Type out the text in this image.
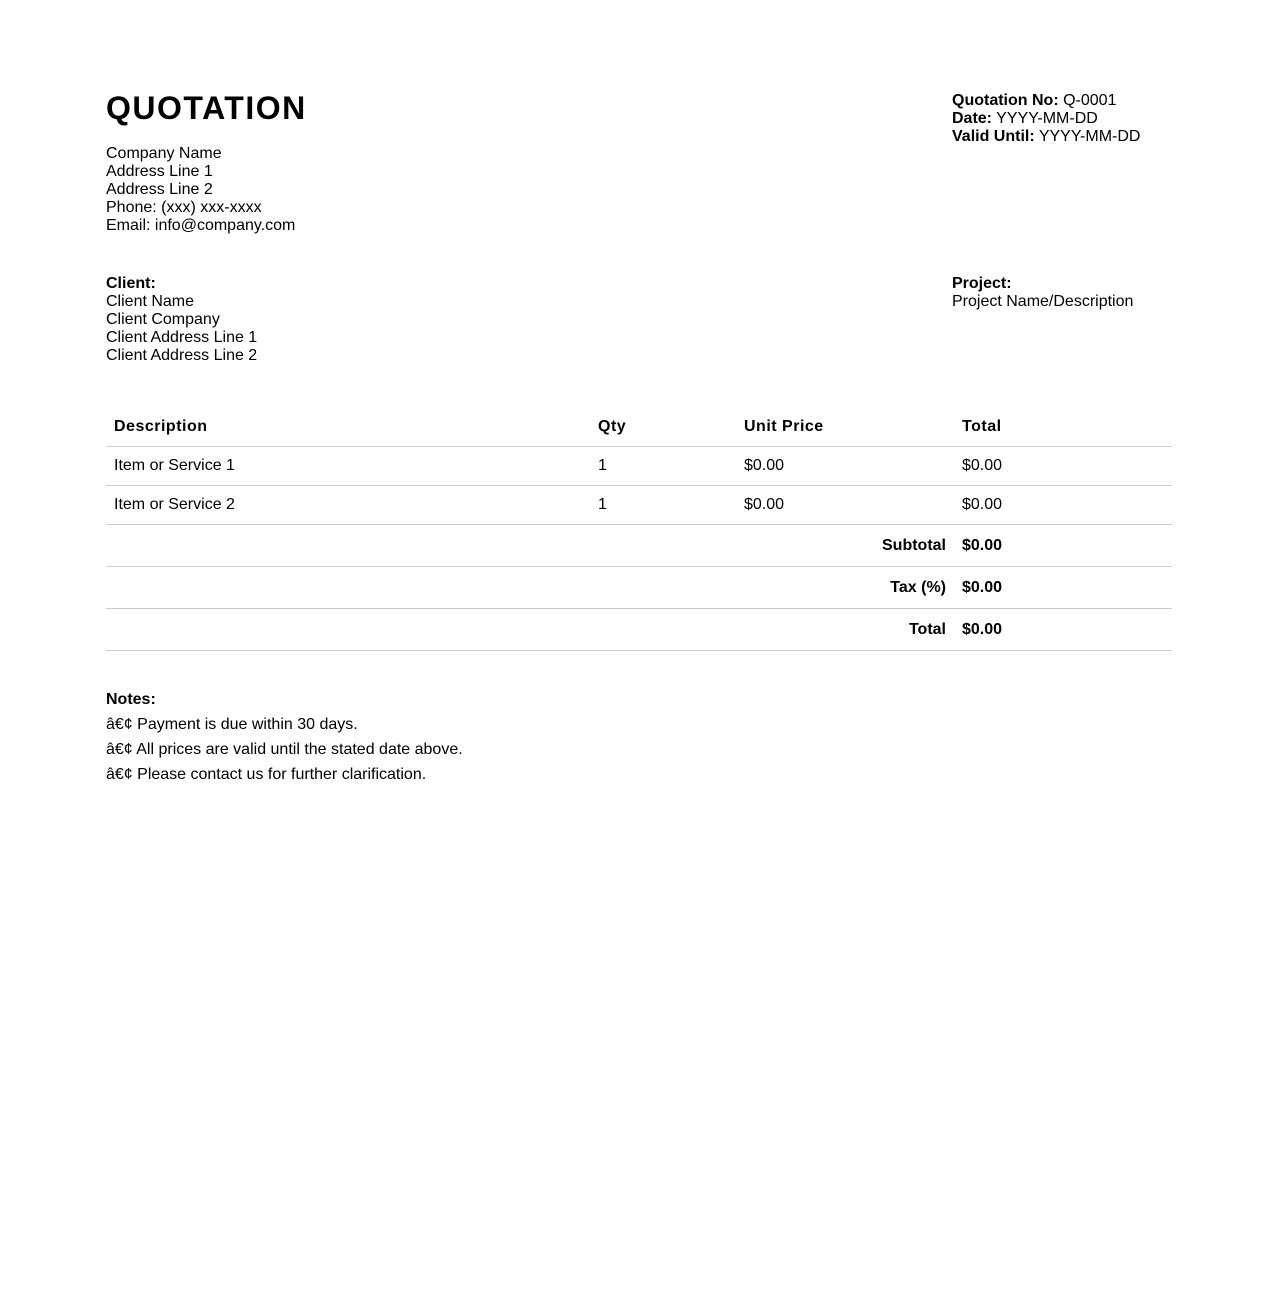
QUOTATION
Company Name
Address Line 1
Address Line 2
Phone: (xxx) xxx-xxxx
Email: info@company.com
Quotation No: Q-0001
Date: YYYY-MM-DD
Valid Until: YYYY-MM-DD
Client:
Client Name
Client Company
Client Address Line 1
Client Address Line 2
Project:
Project Name/Description
Description	Qty	Unit Price	Total
Item or Service 1	1	$0.00	$0.00
Item or Service 2	1	$0.00	$0.00
Subtotal			$0.00
Tax (%)			$0.00
Total			$0.00
Notes:
â€¢ Payment is due within 30 days.
â€¢ All prices are valid until the stated date above.
â€¢ Please contact us for further clarification.
